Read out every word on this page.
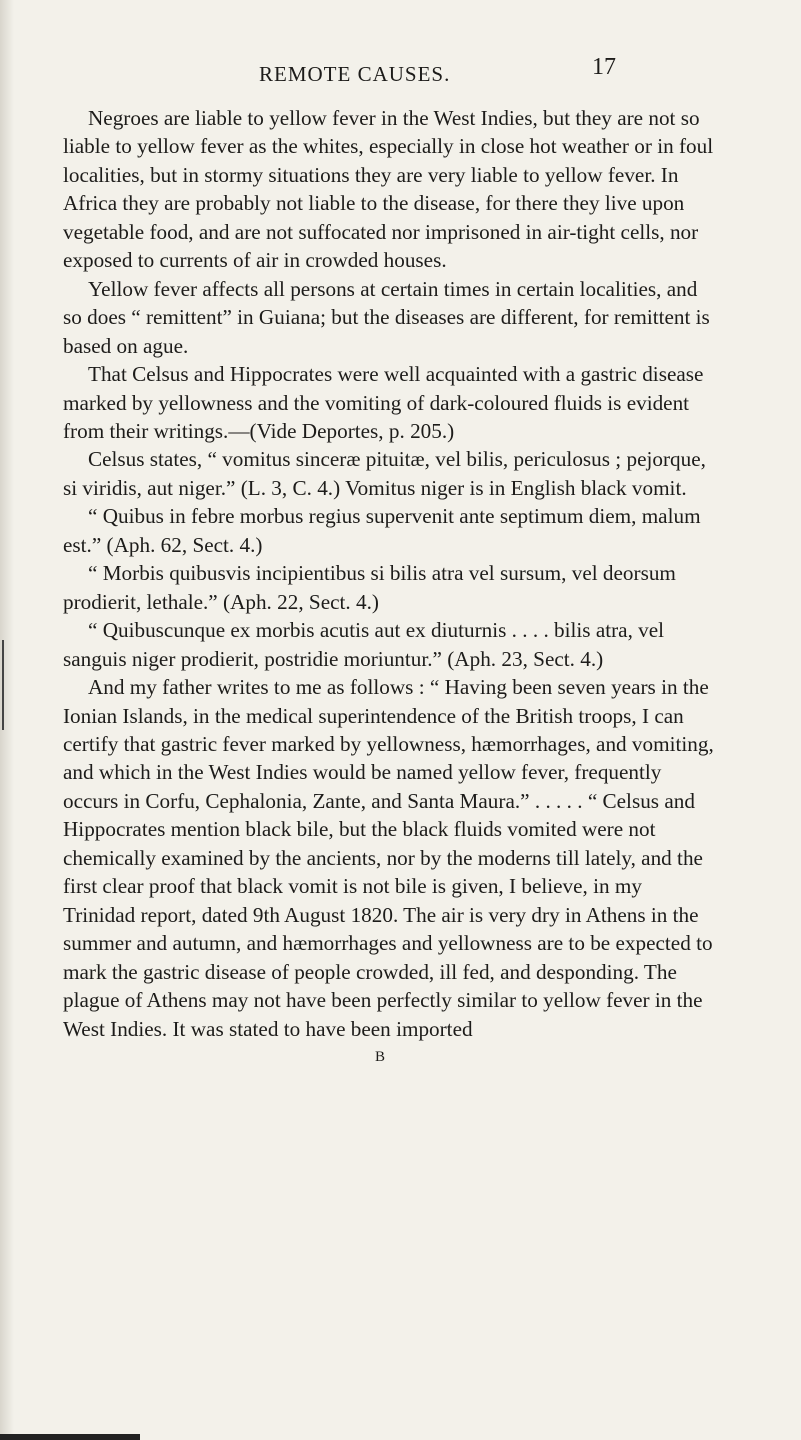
REMOTE CAUSES.	17

Negroes are liable to yellow fever in the West Indies, but they are not so liable to yellow fever as the whites, especially in close hot weather or in foul localities, but in stormy situations they are very liable to yellow fever. In Africa they are probably not liable to the disease, for there they live upon vegetable food, and are not suffocated nor imprisoned in air-tight cells, nor exposed to currents of air in crowded houses.

Yellow fever affects all persons at certain times in certain localities, and so does “ remittent” in Guiana; but the diseases are different, for remittent is based on ague.

That Celsus and Hippocrates were well acquainted with a gastric disease marked by yellowness and the vomiting of dark-coloured fluids is evident from their writings.—(Vide Deportes, p. 205.)

Celsus states, “ vomitus sinceræ pituitæ, vel bilis, periculosus ; pejorque, si viridis, aut niger.” (L. 3, C. 4.) Vomitus niger is in English black vomit.

“ Quibus in febre morbus regius supervenit ante septimum diem, malum est.” (Aph. 62, Sect. 4.)

“ Morbis quibusvis incipientibus si bilis atra vel sursum, vel deorsum prodierit, lethale.” (Aph. 22, Sect. 4.)

“ Quibuscunque ex morbis acutis aut ex diuturnis . . . . bilis atra, vel sanguis niger prodierit, postridie moriuntur.” (Aph. 23, Sect. 4.)

And my father writes to me as follows : “ Having been seven years in the Ionian Islands, in the medical superintendence of the British troops, I can certify that gastric fever marked by yellowness, hæmorrhages, and vomiting, and which in the West Indies would be named yellow fever, frequently occurs in Corfu, Cephalonia, Zante, and Santa Maura.” . . . . . “ Celsus and Hippocrates mention black bile, but the black fluids vomited were not chemically examined by the ancients, nor by the moderns till lately, and the first clear proof that black vomit is not bile is given, I believe, in my Trinidad report, dated 9th August 1820. The air is very dry in Athens in the summer and autumn, and hæmorrhages and yellowness are to be expected to mark the gastric disease of people crowded, ill fed, and desponding. The plague of Athens may not have been perfectly similar to yellow fever in the West Indies. It was stated to have been imported

B
